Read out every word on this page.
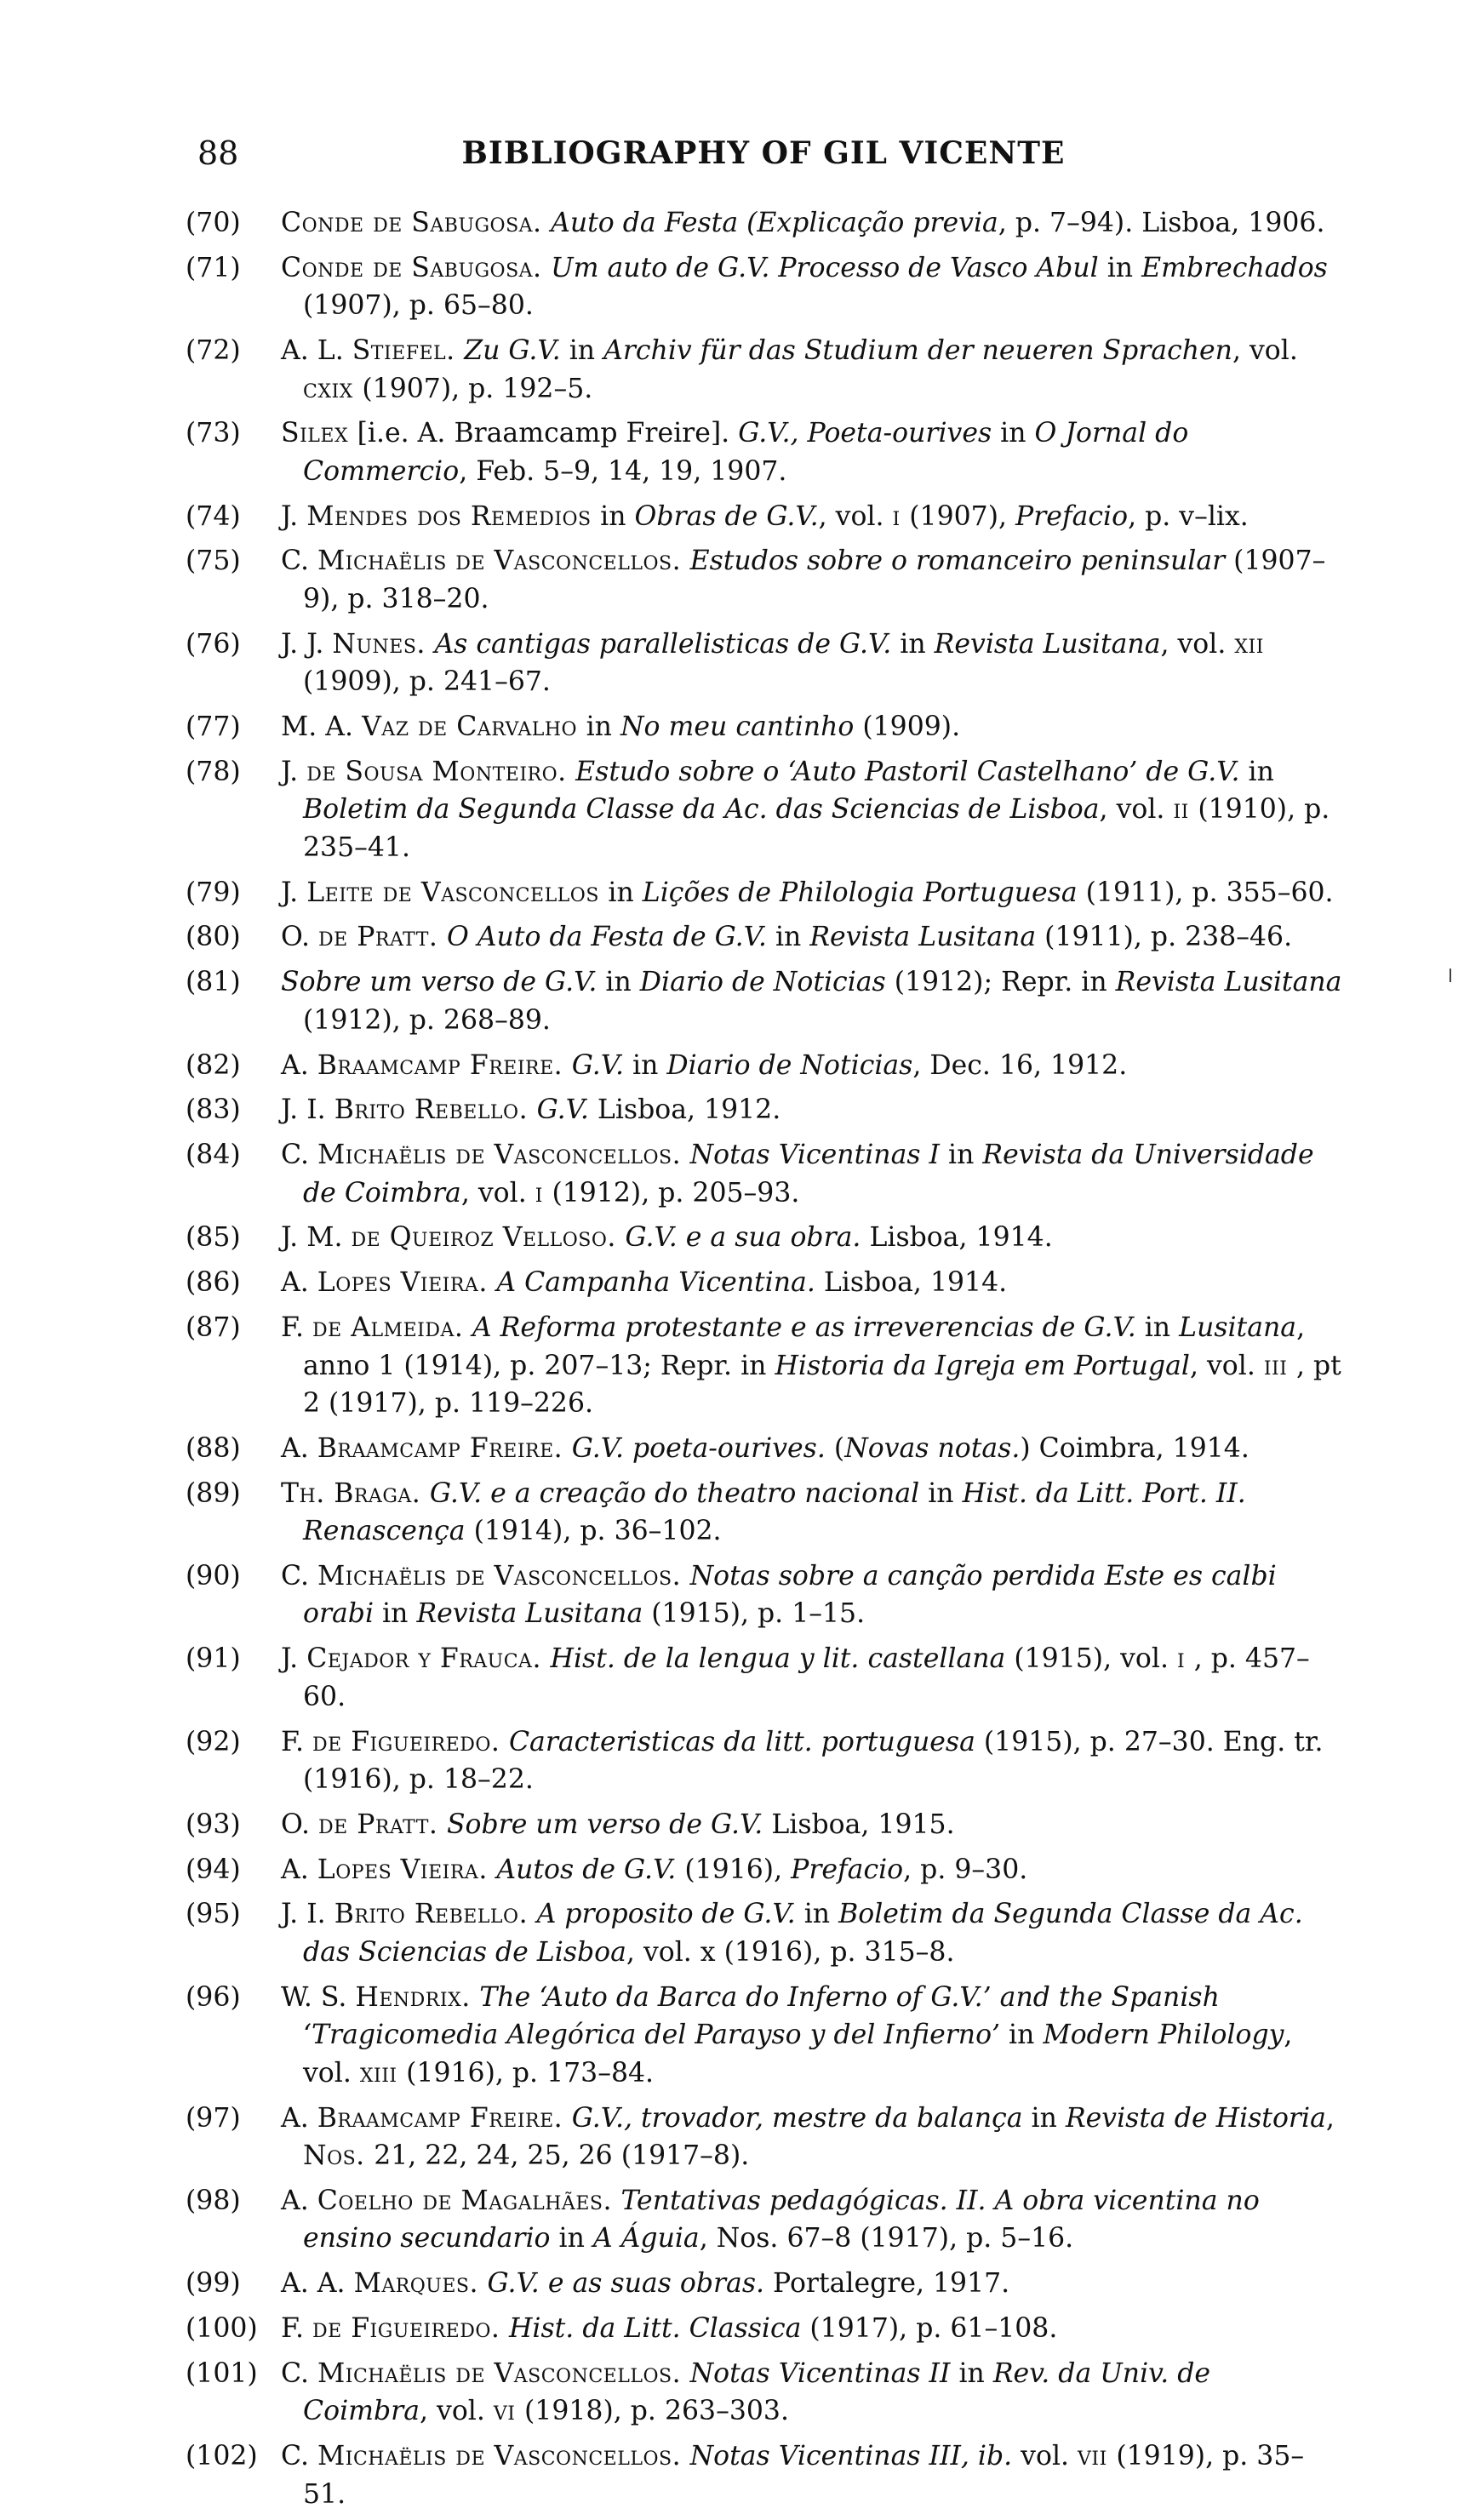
88	BIBLIOGRAPHY OF GIL VICENTE
(70) Conde de Sabugosa. Auto da Festa (Explicação previa, p. 7–94). Lisboa, 1906.
(71) Conde de Sabugosa. Um auto de G.V. Processo de Vasco Abul in Embrechados (1907), p. 65–80.
(72) A. L. Stiefel. Zu G.V. in Archiv für das Studium der neueren Sprachen, vol. cxix (1907), p. 192–5.
(73) Silex [i.e. A. Braamcamp Freire]. G.V., Poeta-ourives in O Jornal do Commercio, Feb. 5–9, 14, 19, 1907.
(74) J. Mendes dos Remedios in Obras de G.V., vol. i (1907), Prefacio, p. v–lix.
(75) C. Michaëlis de Vasconcellos. Estudos sobre o romanceiro peninsular (1907–9), p. 318–20.
(76) J. J. Nunes. As cantigas parallelisticas de G.V. in Revista Lusitana, vol. xii (1909), p. 241–67.
(77) M. A. Vaz de Carvalho in No meu cantinho (1909).
(78) J. de Sousa Monteiro. Estudo sobre o ‘Auto Pastoril Castelhano’ de G.V. in Boletim da Segunda Classe da Ac. das Sciencias de Lisboa, vol. ii (1910), p. 235–41.
(79) J. Leite de Vasconcellos in Lições de Philologia Portuguesa (1911), p. 355–60.
(80) O. de Pratt. O Auto da Festa de G.V. in Revista Lusitana (1911), p. 238–46.
(81) Sobre um verso de G.V. in Diario de Noticias (1912); Repr. in Revista Lusitana (1912), p. 268–89.
(82) A. Braamcamp Freire. G.V. in Diario de Noticias, Dec. 16, 1912.
(83) J. I. Brito Rebello. G.V. Lisboa, 1912.
(84) C. Michaëlis de Vasconcellos. Notas Vicentinas I in Revista da Universidade de Coimbra, vol. i (1912), p. 205–93.
(85) J. M. de Queiroz Velloso. G.V. e a sua obra. Lisboa, 1914.
(86) A. Lopes Vieira. A Campanha Vicentina. Lisboa, 1914.
(87) F. de Almeida. A Reforma protestante e as irreverencias de G.V. in Lusitana, anno 1 (1914), p. 207–13; Repr. in Historia da Igreja em Portugal, vol. iii , pt 2 (1917), p. 119–226.
(88) A. Braamcamp Freire. G.V. poeta-ourives. (Novas notas.) Coimbra, 1914.
(89) Th. Braga. G.V. e a creação do theatro nacional in Hist. da Litt. Port. II. Renascença (1914), p. 36–102.
(90) C. Michaëlis de Vasconcellos. Notas sobre a canção perdida Este es calbi orabi in Revista Lusitana (1915), p. 1–15.
(91) J. Cejador y Frauca. Hist. de la lengua y lit. castellana (1915), vol. i , p. 457–60.
(92) F. de Figueiredo. Caracteristicas da litt. portuguesa (1915), p. 27–30. Eng. tr. (1916), p. 18–22.
(93) O. de Pratt. Sobre um verso de G.V. Lisboa, 1915.
(94) A. Lopes Vieira. Autos de G.V. (1916), Prefacio, p. 9–30.
(95) J. I. Brito Rebello. A proposito de G.V. in Boletim da Segunda Classe da Ac. das Sciencias de Lisboa, vol. x (1916), p. 315–8.
(96) W. S. Hendrix. The ‘Auto da Barca do Inferno of G.V.’ and the Spanish ‘Tragicomedia Alegórica del Parayso y del Infierno’ in Modern Philology, vol. xiii (1916), p. 173–84.
(97) A. Braamcamp Freire. G.V., trovador, mestre da balança in Revista de Historia, Nos. 21, 22, 24, 25, 26 (1917–8).
(98) A. Coelho de Magalhães. Tentativas pedagógicas. II. A obra vicentina no ensino secundario in A Águia, Nos. 67–8 (1917), p. 5–16.
(99) A. A. Marques. G.V. e as suas obras. Portalegre, 1917.
(100) F. de Figueiredo. Hist. da Litt. Classica (1917), p. 61–108.
(101) C. Michaëlis de Vasconcellos. Notas Vicentinas II in Rev. da Univ. de Coimbra, vol. vi (1918), p. 263–303.
(102) C. Michaëlis de Vasconcellos. Notas Vicentinas III, ib. vol. vii (1919), p. 35–51.
